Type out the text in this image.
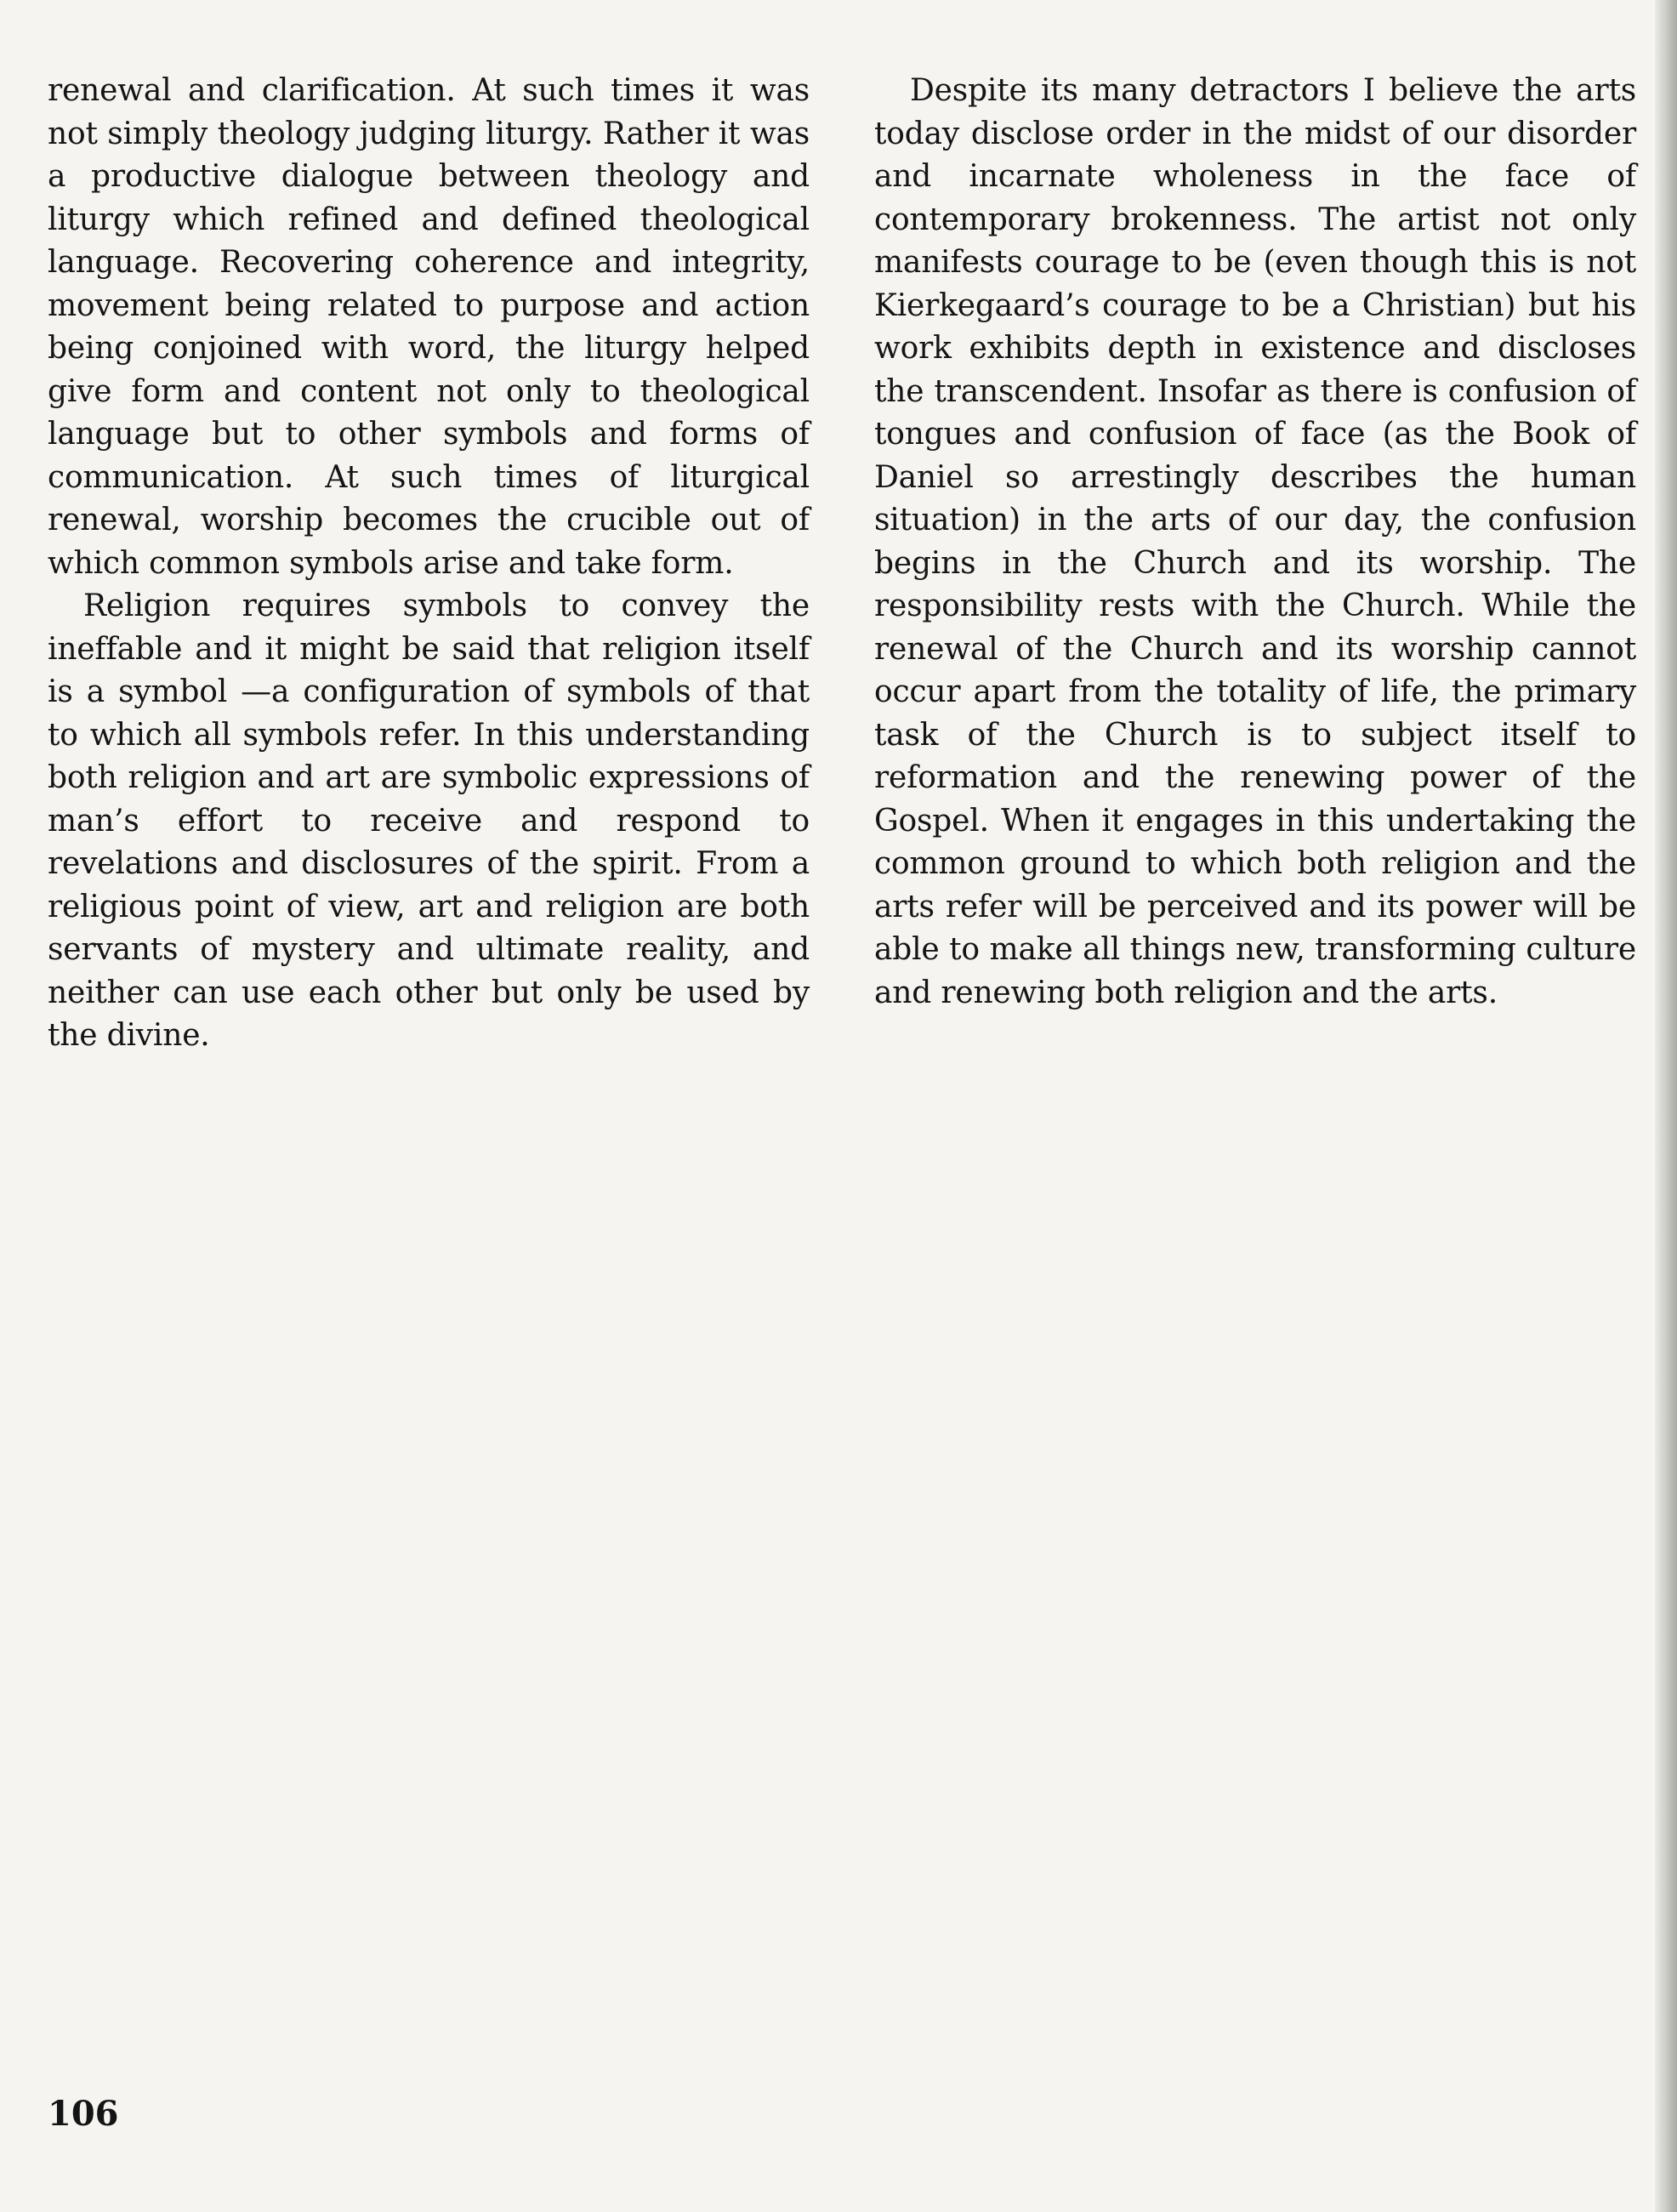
renewal and clarification. At such times it was not simply theology judging liturgy. Rather it was a productive dialogue between theology and liturgy which refined and defined theological language. Recovering coherence and integrity, movement being related to purpose and action being conjoined with word, the liturgy helped give form and content not only to theological language but to other symbols and forms of communication. At such times of liturgical renewal, worship becomes the crucible out of which common symbols arise and take form.

Religion requires symbols to convey the ineffable and it might be said that religion itself is a symbol —a configuration of symbols of that to which all symbols refer. In this understanding both religion and art are symbolic expressions of man’s effort to receive and respond to revelations and disclosures of the spirit. From a religious point of view, art and religion are both servants of mystery and ultimate reality, and neither can use each other but only be used by the divine.

Despite its many detractors I believe the arts today disclose order in the midst of our disorder and incarnate wholeness in the face of contemporary brokenness. The artist not only manifests courage to be (even though this is not Kierkegaard’s courage to be a Christian) but his work exhibits depth in existence and discloses the transcendent. Insofar as there is confusion of tongues and confusion of face (as the Book of Daniel so arrestingly describes the human situation) in the arts of our day, the confusion begins in the Church and its worship. The responsibility rests with the Church. While the renewal of the Church and its worship cannot occur apart from the totality of life, the primary task of the Church is to subject itself to reformation and the renewing power of the Gospel. When it engages in this undertaking the common ground to which both religion and the arts refer will be perceived and its power will be able to make all things new, transforming culture and renewing both religion and the arts.

106
